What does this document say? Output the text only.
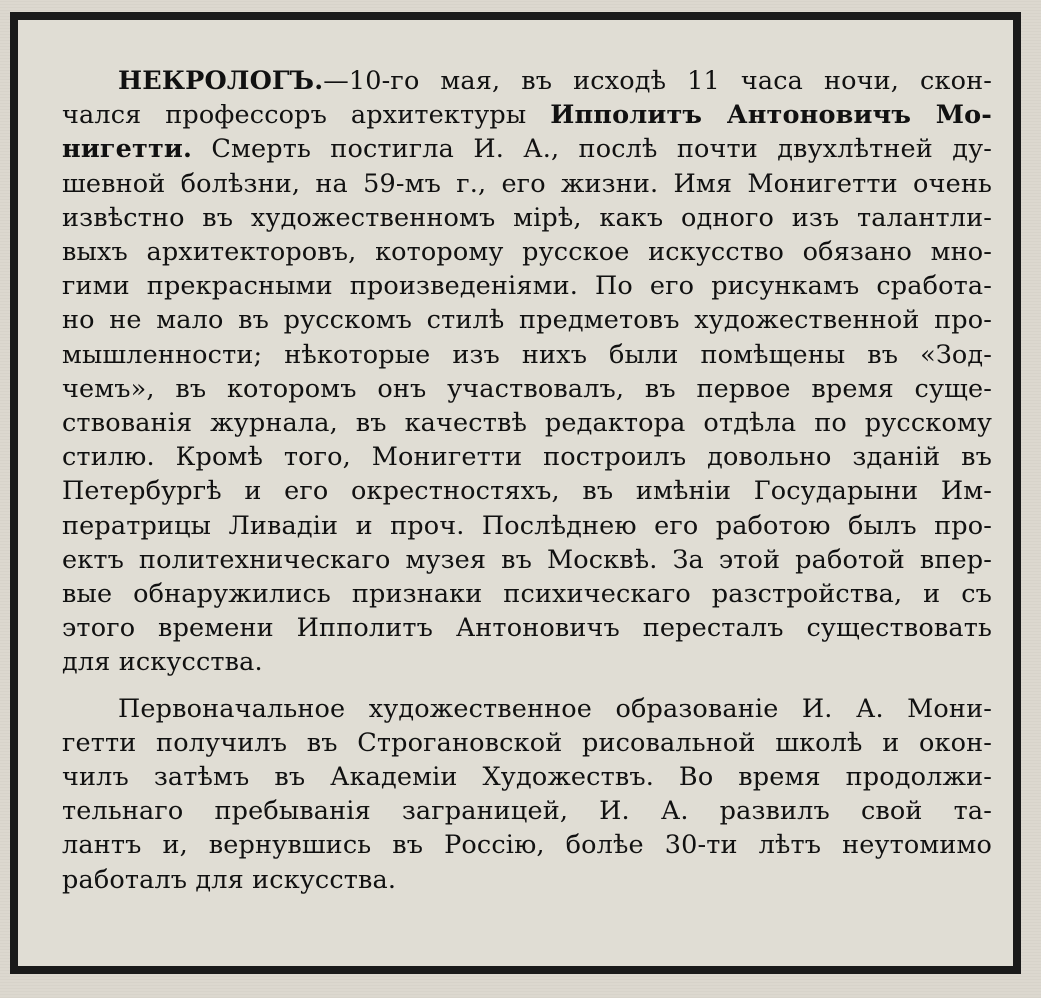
НЕКРОЛОГЪ.—10-го мая, въ исходѣ 11 часа ночи, скон-
чался профессоръ архитектуры Ипполитъ Антоновичъ Мо-
нигетти. Смерть постигла И. А., послѣ почти двухлѣтней ду-
шевной болѣзни, на 59-мъ г., его жизни. Имя Монигетти очень
извѣстно въ художественномъ мірѣ, какъ одного изъ талантли-
выхъ архитекторовъ, которому русское искусство обязано мно-
гими прекрасными произведеніями. По его рисункамъ сработа-
но не мало въ русскомъ стилѣ предметовъ художественной про-
мышленности; нѣкоторые изъ нихъ были помѣщены въ «Зод-
чемъ», въ которомъ онъ участвовалъ, въ первое время суще-
ствованія журнала, въ качествѣ редактора отдѣла по русскому
стилю. Кромѣ того, Монигетти построилъ довольно зданій въ
Петербургѣ и его окрестностяхъ, въ имѣніи Государыни Им-
ператрицы Ливадіи и проч. Послѣднею его работою былъ про-
ектъ политехническаго музея въ Москвѣ. За этой работой впер-
вые обнаружились признаки психическаго разстройства, и съ
этого времени Ипполитъ Антоновичъ пересталъ существовать
для искусства.
Первоначальное художественное образованіе И. А. Мони-
гетти получилъ въ Строгановской рисовальной школѣ и окон-
чилъ затѣмъ въ Академіи Художествъ. Во время продолжи-
тельнаго пребыванія заграницей, И. А. развилъ свой та-
лантъ и, вернувшись въ Россію, болѣе 30-ти лѣтъ неутомимо
работалъ для искусства.
